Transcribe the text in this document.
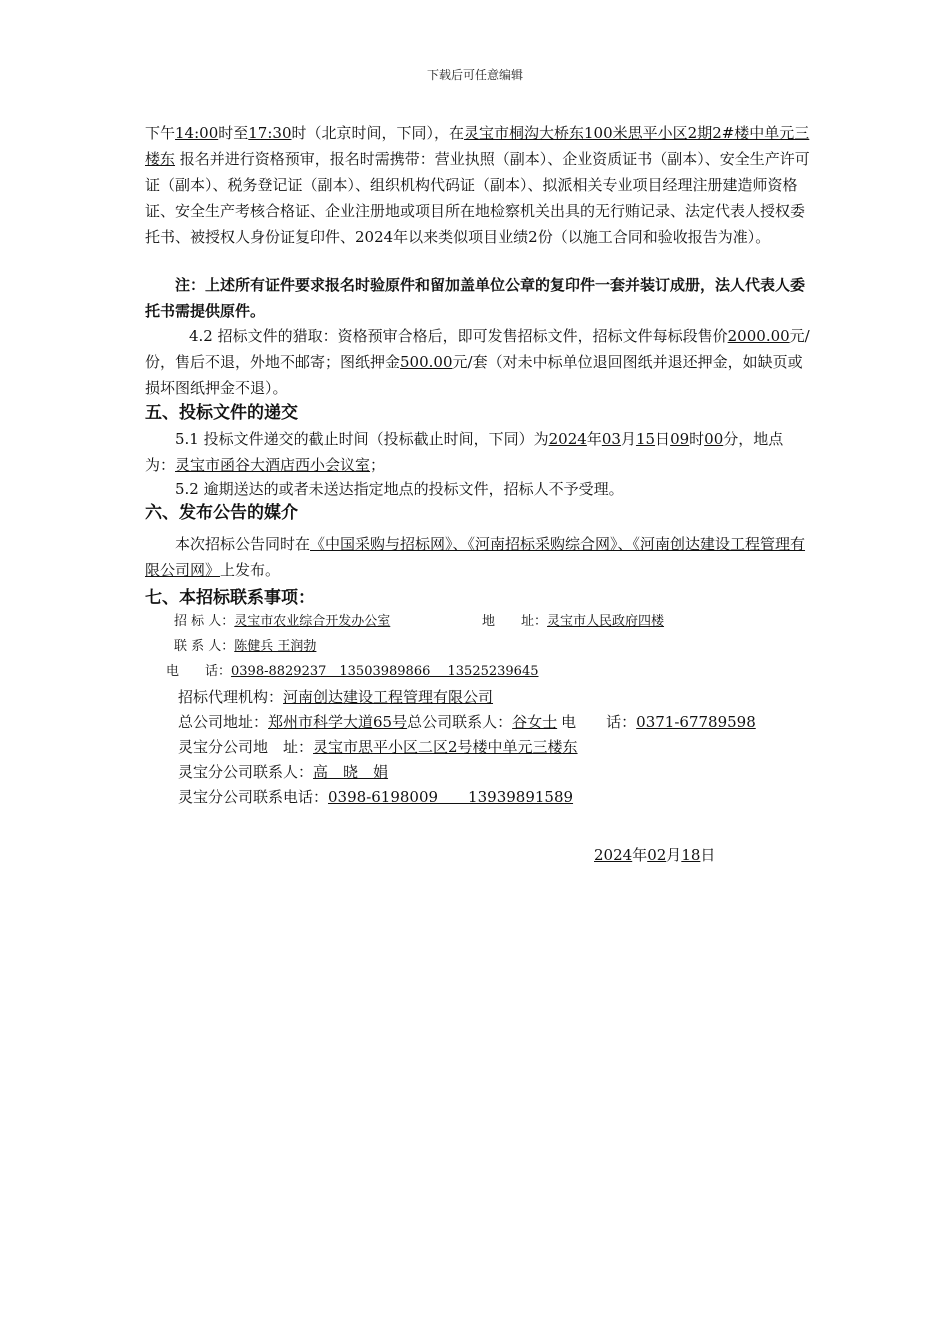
下载后可任意编辑

下午14:00时至17:30时（北京时间，下同），在灵宝市桐沟大桥东100米思平小区2期2#楼中单元三楼东 报名并进行资格预审，报名时需携带：营业执照（副本）、企业资质证书（副本）、安全生产许可证（副本）、税务登记证（副本）、组织机构代码证（副本）、拟派相关专业项目经理注册建造师资格证、安全生产考核合格证、企业注册地或项目所在地检察机关出具的无行贿记录、法定代表人授权委托书、被授权人身份证复印件、2024年以来类似项目业绩2份（以施工合同和验收报告为准）。

注：上述所有证件要求报名时验原件和留加盖单位公章的复印件一套并装订成册，法人代表人委托书需提供原件。

4.2 招标文件的猎取：资格预审合格后，即可发售招标文件，招标文件每标段售价2000.00元/份，售后不退，外地不邮寄；图纸押金500.00元/套（对未中标单位退回图纸并退还押金，如缺页或损坏图纸押金不退）。

五、投标文件的递交

5.1 投标文件递交的截止时间（投标截止时间，下同）为2024年03月15日09时00分，地点为：灵宝市函谷大酒店西小会议室；

5.2 逾期送达的或者未送达指定地点的投标文件，招标人不予受理。

六、发布公告的媒介

本次招标公告同时在《中国采购与招标网》、《河南招标采购综合网》、《河南创达建设工程管理有限公司网》上发布。

七、本招标联系事项：
招 标 人：灵宝市农业综合开发办公室	地　　址：灵宝市人民政府四楼
联 系 人：陈健兵 王润勃
电　　话：0398-8829237　13503989866　 13525239645
招标代理机构：河南创达建设工程管理有限公司
总公司地址：郑州市科学大道65号总公司联系人：谷女士 电　　话：0371-67789598
灵宝分公司地　址：灵宝市思平小区二区2号楼中单元三楼东
灵宝分公司联系人：高　晓　娟
灵宝分公司联系电话：0398-6198009　　13939891589
2024年02月18日
